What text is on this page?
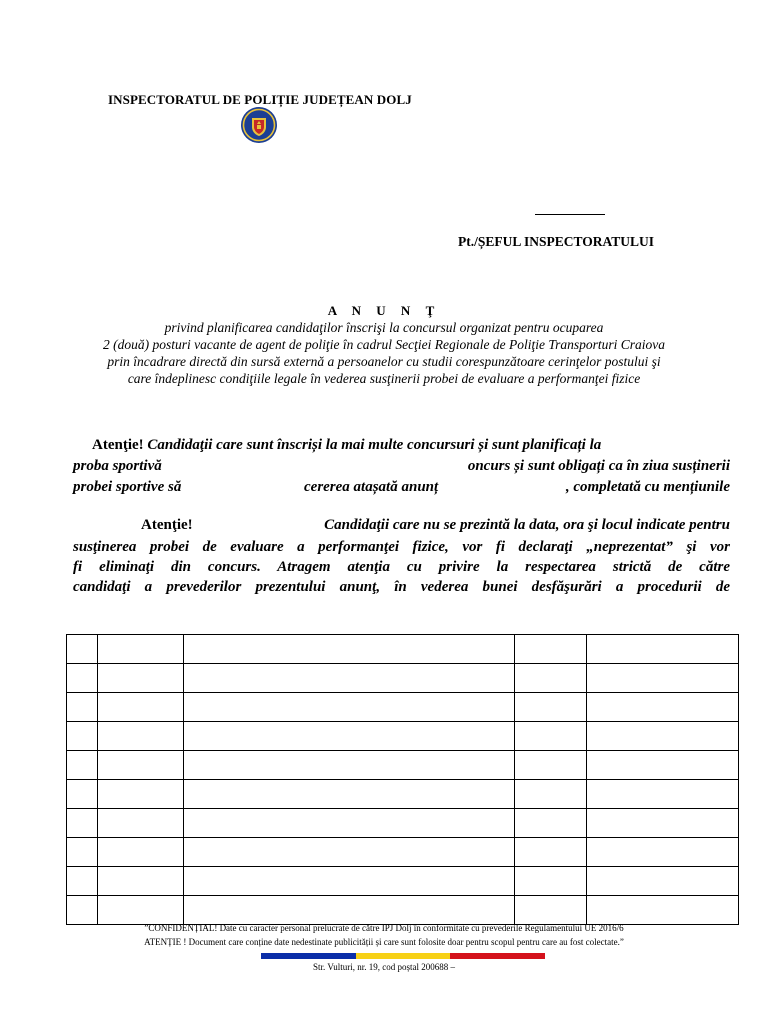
INSPECTORATUL DE POLIȚIE JUDEȚEAN DOLJ
Pt./ȘEFUL INSPECTORATULUI
A N U N Ţ
privind planificarea candidaţilor înscrişi la concursul organizat pentru ocuparea
2 (două) posturi vacante de agent de poliţie în cadrul Secţiei Regionale de Poliţie Transporturi Craiova
prin încadrare directă din sursă externă a persoanelor cu studii corespunzătoare cerinţelor postului şi
care îndeplinesc condiţiile legale în vederea susţinerii probei de evaluare a performanţei fizice
Atenţie! Candidaţii care sunt înscriși la mai multe concursuri și sunt planificați la
proba sportivă	oncurs și sunt obligați ca în ziua susținerii
probei sportive să	cererea atașată anunț	, completată cu mențiunile
Atenţie!	Candidaţii care nu se prezintă la data, ora şi locul indicate pentru
susţinerea probei de evaluare a performanţei fizice, vor fi declaraţi „neprezentat” şi vor
fi eliminaţi din concurs. Atragem atenţia cu privire la respectarea strictă de către
candidaţi a prevederilor prezentului anunţ, în vederea bunei desfăşurări a procedurii de

”CONFIDENȚIAL! Date cu caracter personal prelucrate de către IPJ Dolj în conformitate cu prevederile Regulamentului UE 2016/6
ATENȚIE ! Document care conține date nedestinate publicității și care sunt folosite doar pentru scopul pentru care au fost colectate.”
Str. Vulturi, nr. 19, cod poștal 200688 –
